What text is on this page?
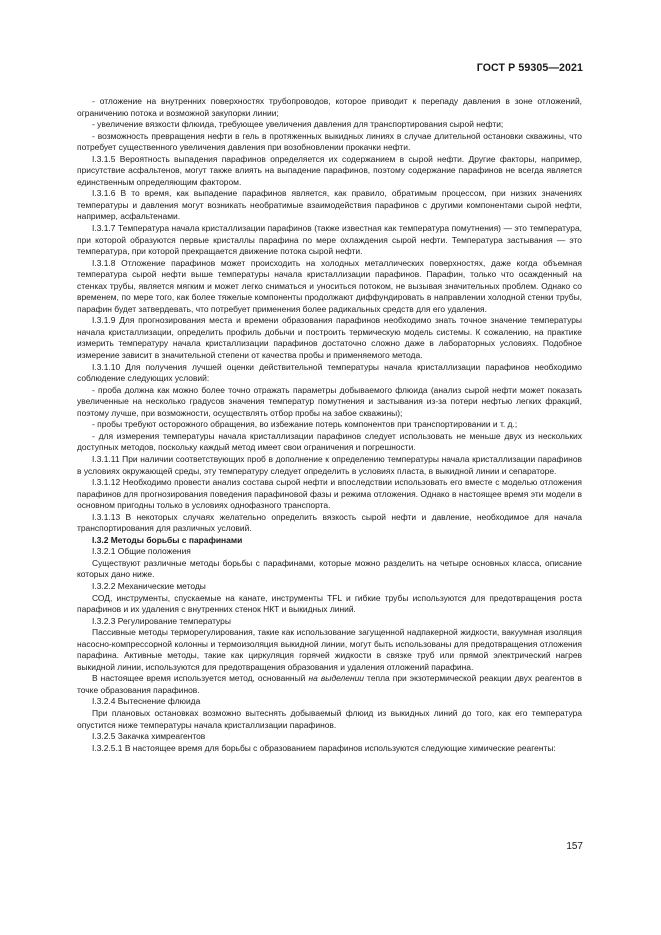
ГОСТ Р 59305—2021

- отложение на внутренних поверхностях трубопроводов, которое приводит к перепаду давления в зоне отложений, ограничению потока и возможной закупорки линии;

- увеличение вязкости флюида, требующее увеличения давления для транспортирования сырой нефти;

- возможность превращения нефти в гель в протяженных выкидных линиях в случае длительной остановки скважины, что потребует существенного увеличения давления при возобновлении прокачки нефти.

I.3.1.5 Вероятность выпадения парафинов определяется их содержанием в сырой нефти. Другие факторы, например, присутствие асфальтенов, могут также влиять на выпадение парафинов, поэтому содержание парафинов не всегда является единственным определяющим фактором.

I.3.1.6 В то время, как выпадение парафинов является, как правило, обратимым процессом, при низких значениях температуры и давления могут возникать необратимые взаимодействия парафинов с другими компонентами сырой нефти, например, асфальтенами.

I.3.1.7 Температура начала кристаллизации парафинов (также известная как температура помутнения) — это температура, при которой образуются первые кристаллы парафина по мере охлаждения сырой нефти. Температура застывания — это температура, при которой прекращается движение потока сырой нефти.

I.3.1.8 Отложение парафинов может происходить на холодных металлических поверхностях, даже когда объемная температура сырой нефти выше температуры начала кристаллизации парафинов. Парафин, только что осажденный на стенках трубы, является мягким и может легко сниматься и уноситься потоком, не вызывая значительных проблем. Однако со временем, по мере того, как более тяжелые компоненты продолжают диффундировать в направлении холодной стенки трубы, парафин будет затвердевать, что потребует применения более радикальных средств для его удаления.

I.3.1.9 Для прогнозирования места и времени образования парафинов необходимо знать точное значение температуры начала кристаллизации, определить профиль добычи и построить термическую модель системы. К сожалению, на практике измерить температуру начала кристаллизации парафинов достаточно сложно даже в лабораторных условиях. Подобное измерение зависит в значительной степени от качества пробы и применяемого метода.

I.3.1.10 Для получения лучшей оценки действительной температуры начала кристаллизации парафинов необходимо соблюдение следующих условий:

- проба должна как можно более точно отражать параметры добываемого флюида (анализ сырой нефти может показать увеличенные на несколько градусов значения температур помутнения и застывания из-за потери нефтью легких фракций, поэтому лучше, при возможности, осуществлять отбор пробы на забое скважины);

- пробы требуют осторожного обращения, во избежание потерь компонентов при транспортировании и т. д.;

- для измерения температуры начала кристаллизации парафинов следует использовать не меньше двух из нескольких доступных методов, поскольку каждый метод имеет свои ограничения и погрешности.

I.3.1.11 При наличии соответствующих проб в дополнение к определению температуры начала кристаллизации парафинов в условиях окружающей среды, эту температуру следует определить в условиях пласта, в выкидной линии и сепараторе.

I.3.1.12 Необходимо провести анализ состава сырой нефти и впоследствии использовать его вместе с моделью отложения парафинов для прогнозирования поведения парафиновой фазы и режима отложения. Однако в настоящее время эти модели в основном пригодны только в условиях однофазного транспорта.

I.3.1.13 В некоторых случаях желательно определить вязкость сырой нефти и давление, необходимое для начала транспортирования для различных условий.

I.3.2 Методы борьбы с парафинами

I.3.2.1 Общие положения

Существуют различные методы борьбы с парафинами, которые можно разделить на четыре основных класса, описание которых дано ниже.

I.3.2.2 Механические методы

СОД, инструменты, спускаемые на канате, инструменты TFL и гибкие трубы используются для предотвращения роста парафинов и их удаления с внутренних стенок НКТ и выкидных линий.

I.3.2.3 Регулирование температуры

Пассивные методы терморегулирования, такие как использование загущенной надпакерной жидкости, вакуумная изоляция насосно-компрессорной колонны и термоизоляция выкидной линии, могут быть использованы для предотвращения отложения парафина. Активные методы, такие как циркуляция горячей жидкости в связке труб или прямой электрический нагрев выкидной линии, используются для предотвращения образования и удаления отложений парафина.

В настоящее время используется метод, основанный на выделении тепла при экзотермической реакции двух реагентов в точке образования парафинов.

I.3.2.4 Вытеснение флюида

При плановых остановках возможно вытеснять добываемый флюид из выкидных линий до того, как его температура опустится ниже температуры начала кристаллизации парафинов.

I.3.2.5 Закачка химреагентов

I.3.2.5.1 В настоящее время для борьбы с образованием парафинов используются следующие химические реагенты:

157
